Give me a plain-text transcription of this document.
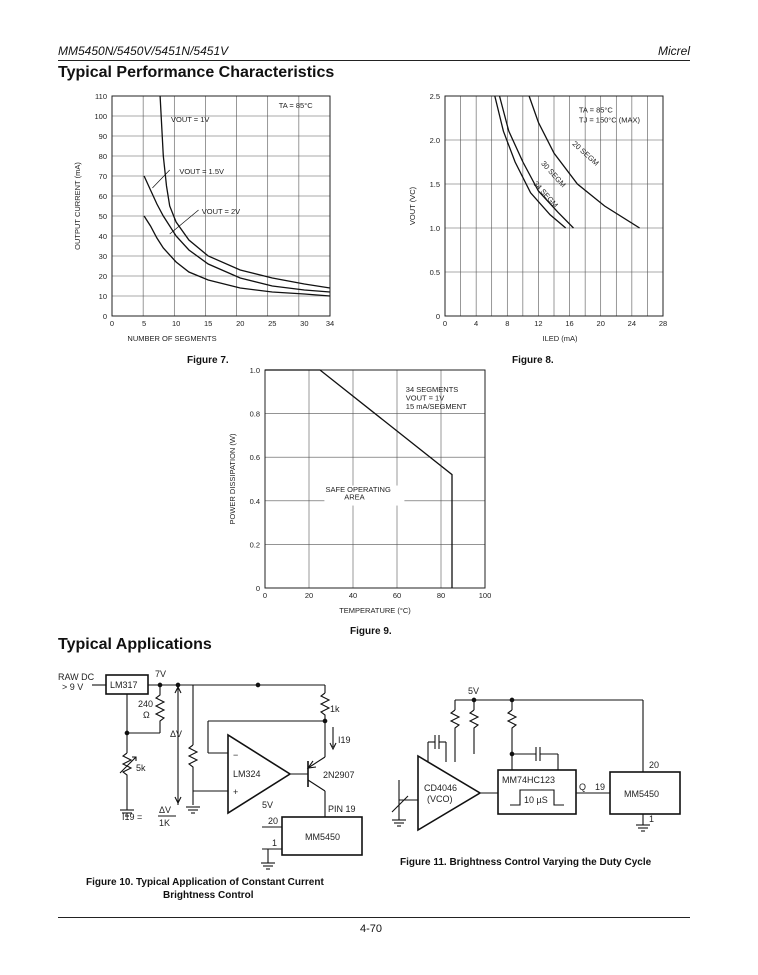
MM5450N/5450V/5451N/5451V	Micrel
Typical Performance Characteristics
0	5	10	15	20	25	30 34
0
10
20
30
40
50
60
70
80
90
100
110
NUMBER OF SEGMENTS
OUTPUT CURRENT (mA)
TA = 85°C
VOUT = 1V
VOUT = 1.5V
VOUT = 2V
Figure 7.
0	4	8	12	16	20	24	28
0
0.5
1.0
1.5
2.0
2.5
ILED (mA)
VOUT (VC)
TA = 85°C
TJ = 150°C (MAX)
34 SEGM
30 SEGM
20 SEGM
Figure 8.
0	20	40	60	80	100
0
0.2
0.4
0.6
0.8
1.0
TEMPERATURE (°C)
POWER DISSIPATION (W)
34 SEGMENTS
VOUT = 1V
15 mA/SEGMENT
SAFE OPERATING
AREA
Figure 9.
Typical Applications
RAW DC
> 9 V	LM317
7V
240
Ω
5k
ΔV
LM324
−
+
2N2907
1k
I19
5V	PIN 19
20
1
MM5450
I19 =
ΔV
1K
Figure 10. Typical Application of Constant Current
Brightness Control
5V
CD4046
(VCO)
MM74HC123
10 µS
Q 19
20
1
MM5450
Figure 11. Brightness Control Varying the Duty Cycle
4-70
